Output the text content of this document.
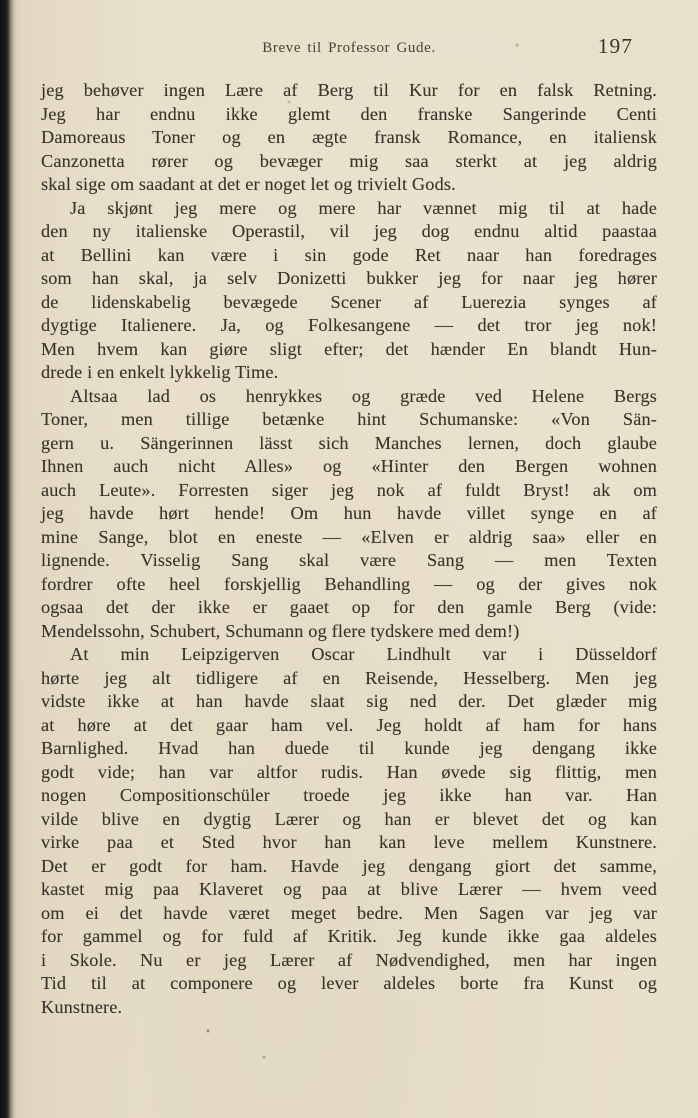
Breve til Professor Gude.	197
jeg behøver ingen Lære af Berg til Kur for en falsk Retning.
Jeg har endnu ikke glemt den franske Sangerinde Centi
Damoreaus Toner og en ægte fransk Romance, en italiensk
Canzonetta rører og bevæger mig saa sterkt at jeg aldrig
skal sige om saadant at det er noget let og trivielt Gods.
Ja skjønt jeg mere og mere har vænnet mig til at hade
den ny italienske Operastil, vil jeg dog endnu altid paastaa
at Bellini kan være i sin gode Ret naar han foredrages
som han skal, ja selv Donizetti bukker jeg for naar jeg hører
de lidenskabelig bevægede Scener af Luerezia synges af
dygtige Italienere. Ja, og Folkesangene — det tror jeg nok!
Men hvem kan giøre sligt efter; det hænder En blandt Hun-
drede i en enkelt lykkelig Time.
Altsaa lad os henrykkes og græde ved Helene Bergs
Toner, men tillige betænke hint Schumanske: «Von Sän-
gern u. Sängerinnen lässt sich Manches lernen, doch glaube
Ihnen auch nicht Alles» og «Hinter den Bergen wohnen
auch Leute». Forresten siger jeg nok af fuldt Bryst! ak om
jeg havde hørt hende! Om hun havde villet synge en af
mine Sange, blot en eneste — «Elven er aldrig saa» eller en
lignende. Visselig Sang skal være Sang — men Texten
fordrer ofte heel forskjellig Behandling — og der gives nok
ogsaa det der ikke er gaaet op for den gamle Berg (vide:
Mendelssohn, Schubert, Schumann og flere tydskere med dem!)
At min Leipzigerven Oscar Lindhult var i Düsseldorf
hørte jeg alt tidligere af en Reisende, Hesselberg. Men jeg
vidste ikke at han havde slaat sig ned der. Det glæder mig
at høre at det gaar ham vel. Jeg holdt af ham for hans
Barnlighed. Hvad han duede til kunde jeg dengang ikke
godt vide; han var altfor rudis. Han øvede sig flittig, men
nogen Compositionschüler troede jeg ikke han var. Han
vilde blive en dygtig Lærer og han er blevet det og kan
virke paa et Sted hvor han kan leve mellem Kunstnere.
Det er godt for ham. Havde jeg dengang giort det samme,
kastet mig paa Klaveret og paa at blive Lærer — hvem veed
om ei det havde været meget bedre. Men Sagen var jeg var
for gammel og for fuld af Kritik. Jeg kunde ikke gaa aldeles
i Skole. Nu er jeg Lærer af Nødvendighed, men har ingen
Tid til at componere og lever aldeles borte fra Kunst og
Kunstnere.
